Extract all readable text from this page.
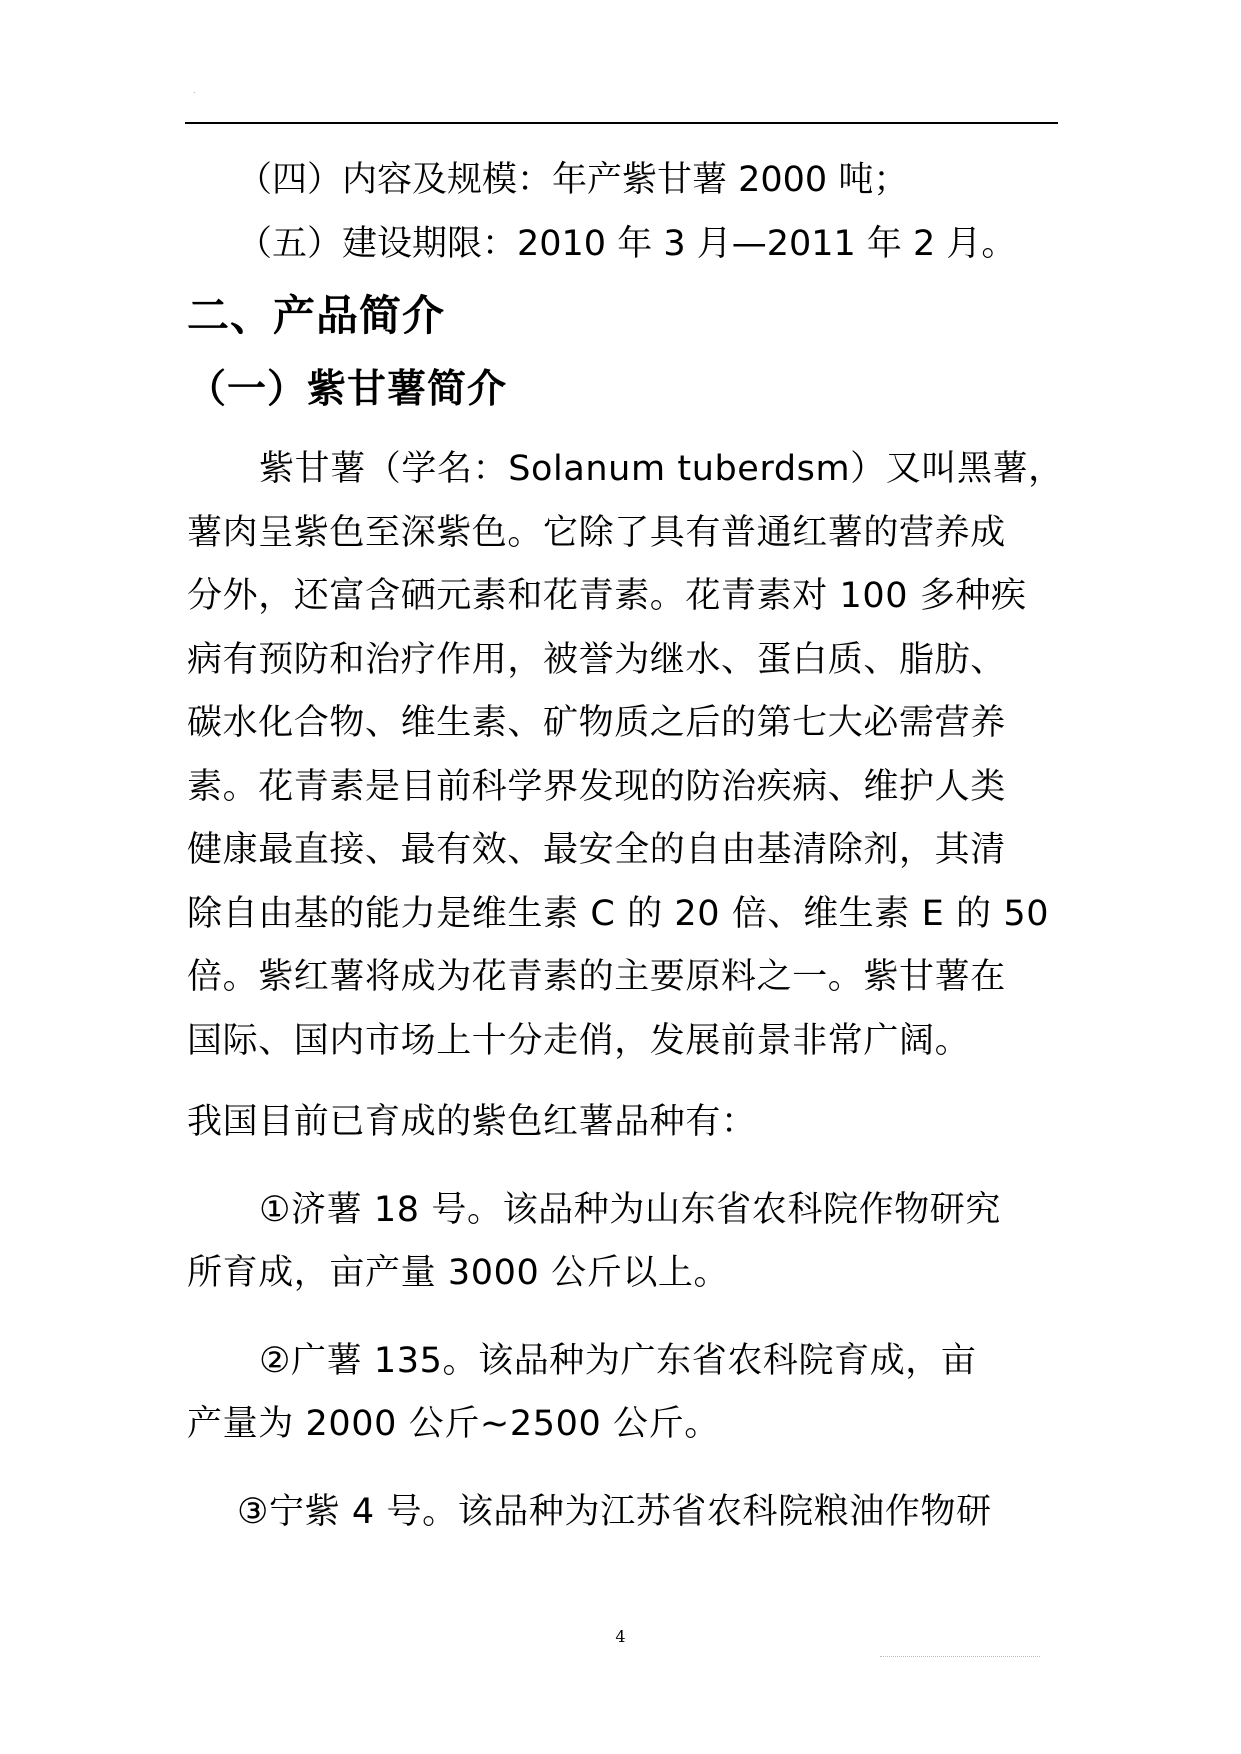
.

（四）内容及规模：年产紫甘薯 2000 吨；

（五）建设期限：2010 年 3 月—2011 年 2 月。

二、产品简介
（一）紫甘薯简介

紫甘薯（学名：Solanum tuberdsm）又叫黑薯，

薯肉呈紫色至深紫色。它除了具有普通红薯的营养成

分外，还富含硒元素和花青素。花青素对 100 多种疾

病有预防和治疗作用，被誉为继水、蛋白质、脂肪、

碳水化合物、维生素、矿物质之后的第七大必需营养

素。花青素是目前科学界发现的防治疾病、维护人类

健康最直接、最有效、最安全的自由基清除剂，其清

除自由基的能力是维生素 C 的 20 倍、维生素 E 的 50

倍。紫红薯将成为花青素的主要原料之一。紫甘薯在

国际、国内市场上十分走俏，发展前景非常广阔。

我国目前已育成的紫色红薯品种有：

①济薯 18 号。该品种为山东省农科院作物研究

所育成，亩产量 3000 公斤以上。

②广薯 135。该品种为广东省农科院育成，亩

产量为 2000 公斤~2500 公斤。

③宁紫 4 号。该品种为江苏省农科院粮油作物研

4
